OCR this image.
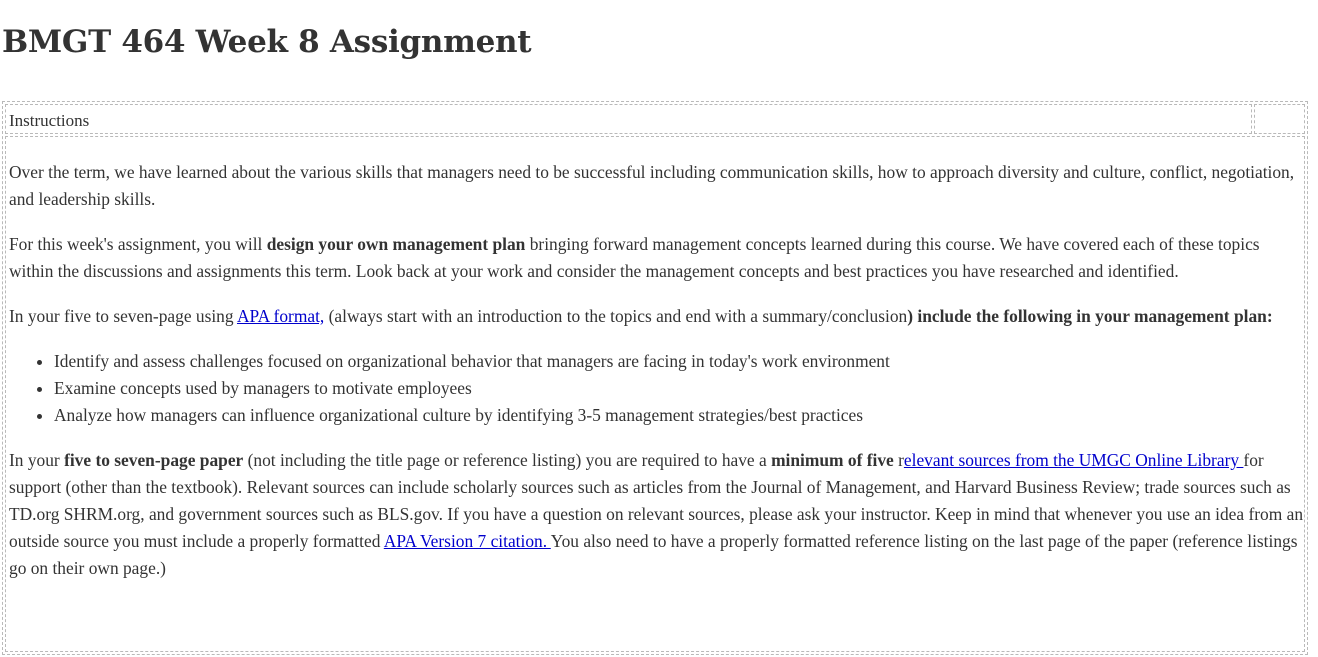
BMGT 464 Week 8 Assignment
Instructions

Over the term, we have learned about the various skills that managers need to be successful including communication skills, how to approach diversity and culture, conflict, negotiation, and leadership skills.

For this week's assignment, you will design your own management plan bringing forward management concepts learned during this course. We have covered each of these topics within the discussions and assignments this term. Look back at your work and consider the management concepts and best practices you have researched and identified.

In your five to seven-page using APA format, (always start with an introduction to the topics and end with a summary/conclusion) include the following in your management plan:

• Identify and assess challenges focused on organizational behavior that managers are facing in today's work environment
• Examine concepts used by managers to motivate employees
• Analyze how managers can influence organizational culture by identifying 3-5 management strategies/best practices

In your five to seven-page paper (not including the title page or reference listing) you are required to have a minimum of five relevant sources from the UMGC Online Library for support (other than the textbook). Relevant sources can include scholarly sources such as articles from the Journal of Management, and Harvard Business Review; trade sources such as TD.org SHRM.org, and government sources such as BLS.gov. If you have a question on relevant sources, please ask your instructor. Keep in mind that whenever you use an idea from an outside source you must include a properly formatted APA Version 7 citation. You also need to have a properly formatted reference listing on the last page of the paper (reference listings go on their own page.)
